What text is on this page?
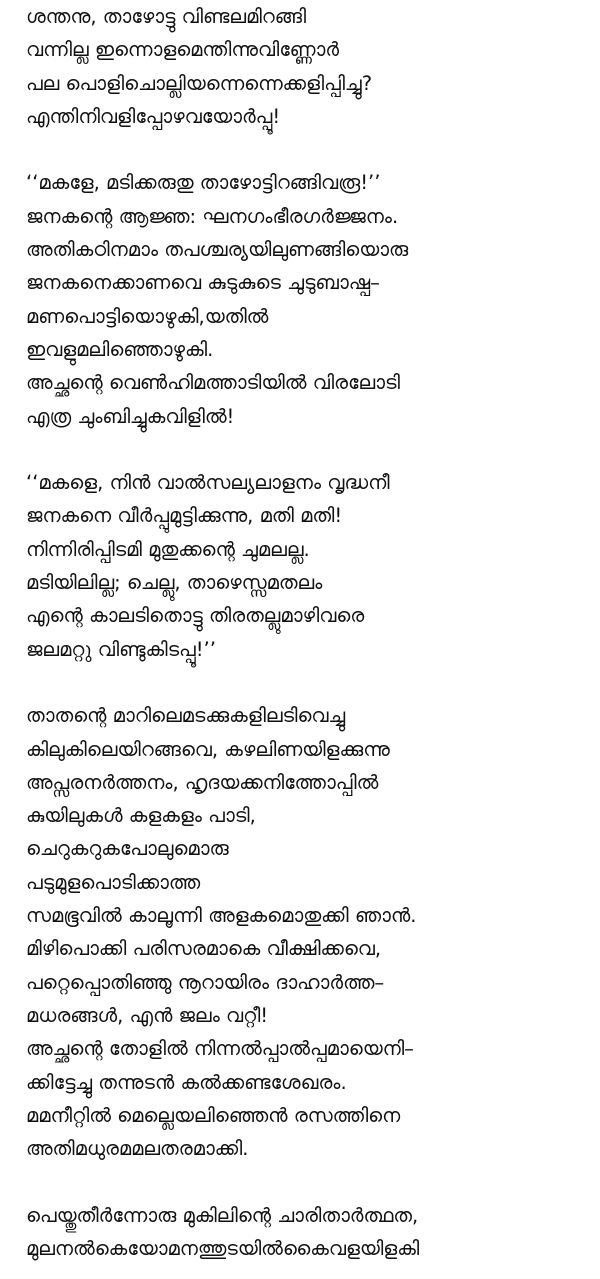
ശന്തനു, താഴോട്ടു വിണ്ടലമിറങ്ങി
വന്നില്ല ഇന്നൊളമെന്തിന്നുവിണ്ണോർ
പല പൊളിചൊല്ലിയന്നെന്നെക്കളിപ്പിച്ചു?
എന്തിനിവളിപ്പോഴവയോർപ്പൂ!
‘‘മകളേ, മടിക്കരുതു താഴോട്ടിറങ്ങിവരൂ!’’
ജനകന്റെ ആജ്ഞ: ഘനഗംഭീരഗർജ്ജനം.
അതികഠിനമാം തപശ്ചര്യയിലുണങ്ങിയൊരു
ജനകനെക്കാണവെ കുടുകുടെ ചുടുബാഷ്പ–
മണപൊട്ടിയൊഴുകി,യതിൽ
ഇവളുമലിഞ്ഞൊഴുകി.
അച്ഛന്റെ വെൺഹിമത്താടിയിൽ വിരലോടി
എത്ര ചുംബിച്ചുകവിളിൽ!
‘‘മകളെ, നിൻ വാൽസല്യലാളനം വൃദ്ധനീ
ജനകനെ വീർപ്പുമുട്ടിക്കുന്നു, മതി മതി!
നിന്നിരിപ്പിടമി മുതുക്കന്റെ ചുമലല്ല.
മടിയിലില്ല; ചെല്ലു, താഴെസ്സമതലം
എന്റെ കാലടിതൊട്ടു തിരതല്ലുമാഴിവരെ
ജലമറ്റു വിണ്ടുകിടപ്പൂ!’’
താതന്റെ മാറിലെമടക്കുകളിലടിവെച്ചു
കിലുകിലെയിറങ്ങവെ, കഴലിണയിളക്കുന്നു
അപ്സരനർത്തനം, ഹൃദയക്കനിത്തോപ്പിൽ
കുയിലുകൾ കളകളം പാടി,
ചെറുകറുകപോലുമൊരു
പടുമുളപൊടിക്കാത്ത
സമഭൂവിൽ കാലൂന്നി അളകമൊതുക്കി ഞാൻ.
മിഴിപൊക്കി പരിസരമാകെ വീക്ഷിക്കവെ,
പറ്റെപ്പൊതിഞ്ഞു നൂറായിരം ദാഹാർത്ത–
മധരങ്ങൾ, എൻ ജലം വറ്റീ!
അച്ഛന്റെ തോളിൽ നിന്നൽപ്പാൽപ്പമായെനി–
ക്കിട്ടേച്ചു തന്നുടൻ കൽക്കണ്ടശേഖരം.
മമനീറ്റിൽ മെല്ലെയലിഞ്ഞെൻ രസത്തിനെ
അതിമധുരമമലതരമാക്കി.
പെയ്തുതീർന്നോരു മുകിലിന്റെ ചാരിതാർത്ഥത,
മുലനൽകെയോമനത്തുടയിൽകൈവളയിളകി
